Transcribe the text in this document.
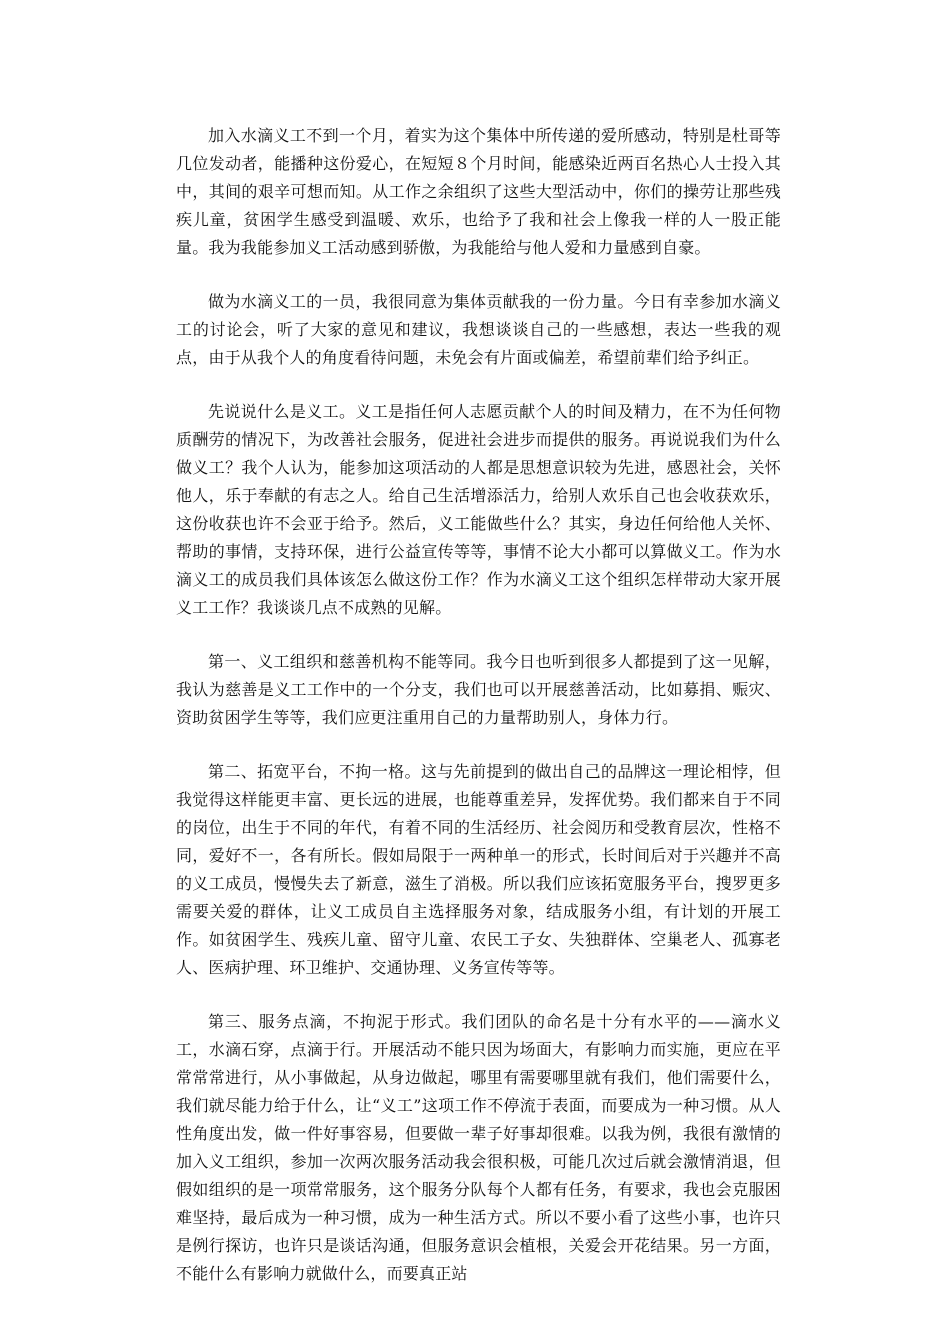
加入水滴义工不到一个月，着实为这个集体中所传递的爱所感动，特别是杜哥等几位发动者，能播种这份爱心，在短短８个月时间，能感染近两百名热心人士投入其中，其间的艰辛可想而知。从工作之余组织了这些大型活动中，你们的操劳让那些残疾儿童，贫困学生感受到温暖、欢乐，也给予了我和社会上像我一样的人一股正能量。我为我能参加义工活动感到骄傲，为我能给与他人爱和力量感到自豪。

做为水滴义工的一员，我很同意为集体贡献我的一份力量。今日有幸参加水滴义工的讨论会，听了大家的意见和建议，我想谈谈自己的一些感想，表达一些我的观点，由于从我个人的角度看待问题，未免会有片面或偏差，希望前辈们给予纠正。

先说说什么是义工。义工是指任何人志愿贡献个人的时间及精力，在不为任何物质酬劳的情况下，为改善社会服务，促进社会进步而提供的服务。再说说我们为什么做义工？我个人认为，能参加这项活动的人都是思想意识较为先进，感恩社会，关怀他人，乐于奉献的有志之人。给自己生活增添活力，给别人欢乐自己也会收获欢乐，这份收获也许不会亚于给予。然后，义工能做些什么？其实，身边任何给他人关怀、帮助的事情，支持环保，进行公益宣传等等，事情不论大小都可以算做义工。作为水滴义工的成员我们具体该怎么做这份工作？作为水滴义工这个组织怎样带动大家开展义工工作？我谈谈几点不成熟的见解。

第一、义工组织和慈善机构不能等同。我今日也听到很多人都提到了这一见解，我认为慈善是义工工作中的一个分支，我们也可以开展慈善活动，比如募捐、赈灾、资助贫困学生等等，我们应更注重用自己的力量帮助别人，身体力行。

第二、拓宽平台，不拘一格。这与先前提到的做出自己的品牌这一理论相悖，但我觉得这样能更丰富、更长远的进展，也能尊重差异，发挥优势。我们都来自于不同的岗位，出生于不同的年代，有着不同的生活经历、社会阅历和受教育层次，性格不同，爱好不一，各有所长。假如局限于一两种单一的形式，长时间后对于兴趣并不高的义工成员，慢慢失去了新意，滋生了消极。所以我们应该拓宽服务平台，搜罗更多需要关爱的群体，让义工成员自主选择服务对象，结成服务小组，有计划的开展工作。如贫困学生、残疾儿童、留守儿童、农民工子女、失独群体、空巢老人、孤寡老人、医病护理、环卫维护、交通协理、义务宣传等等。

第三、服务点滴，不拘泥于形式。我们团队的命名是十分有水平的——滴水义工，水滴石穿，点滴于行。开展活动不能只因为场面大，有影响力而实施，更应在平常常常进行，从小事做起，从身边做起，哪里有需要哪里就有我们，他们需要什么，我们就尽能力给于什么，让“义工”这项工作不停流于表面，而要成为一种习惯。从人性角度出发，做一件好事容易，但要做一辈子好事却很难。以我为例，我很有激情的加入义工组织，参加一次两次服务活动我会很积极，可能几次过后就会激情消退，但假如组织的是一项常常服务，这个服务分队每个人都有任务，有要求，我也会克服困难坚持，最后成为一种习惯，成为一种生活方式。所以不要小看了这些小事，也许只是例行探访，也许只是谈话沟通，但服务意识会植根，关爱会开花结果。另一方面，不能什么有影响力就做什么，而要真正站
